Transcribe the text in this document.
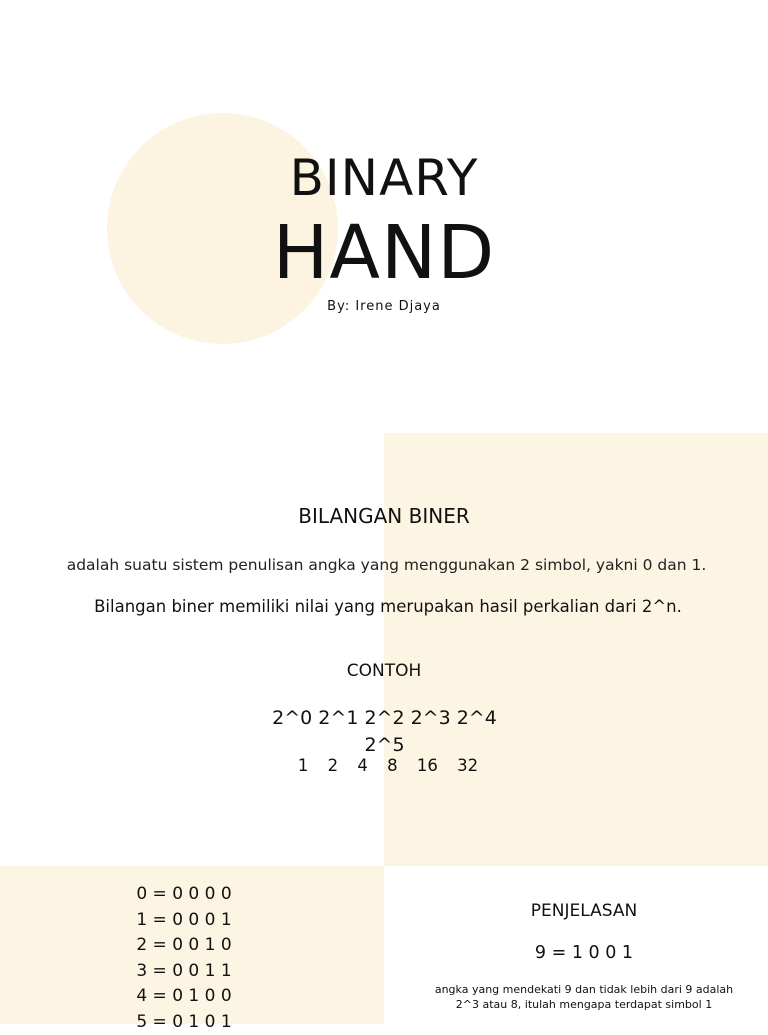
BINARY
HAND
By: Irene Djaya
BILANGAN BINER
adalah suatu sistem penulisan angka yang menggunakan 2 simbol, yakni 0 dan 1.
Bilangan biner memiliki nilai yang merupakan hasil perkalian dari 2^n.
CONTOH
2^0 2^1 2^2 2^3 2^4 2^5
1 2 4 8 16 32
0 = 0 0 0 0
1 = 0 0 0 1
2 = 0 0 1 0
3 = 0 0 1 1
4 = 0 1 0 0
5 = 0 1 0 1
PENJELASAN
9 = 1 0 0 1
angka yang mendekati 9 dan tidak lebih dari 9 adalah 2^3 atau 8, itulah mengapa terdapat simbol 1
